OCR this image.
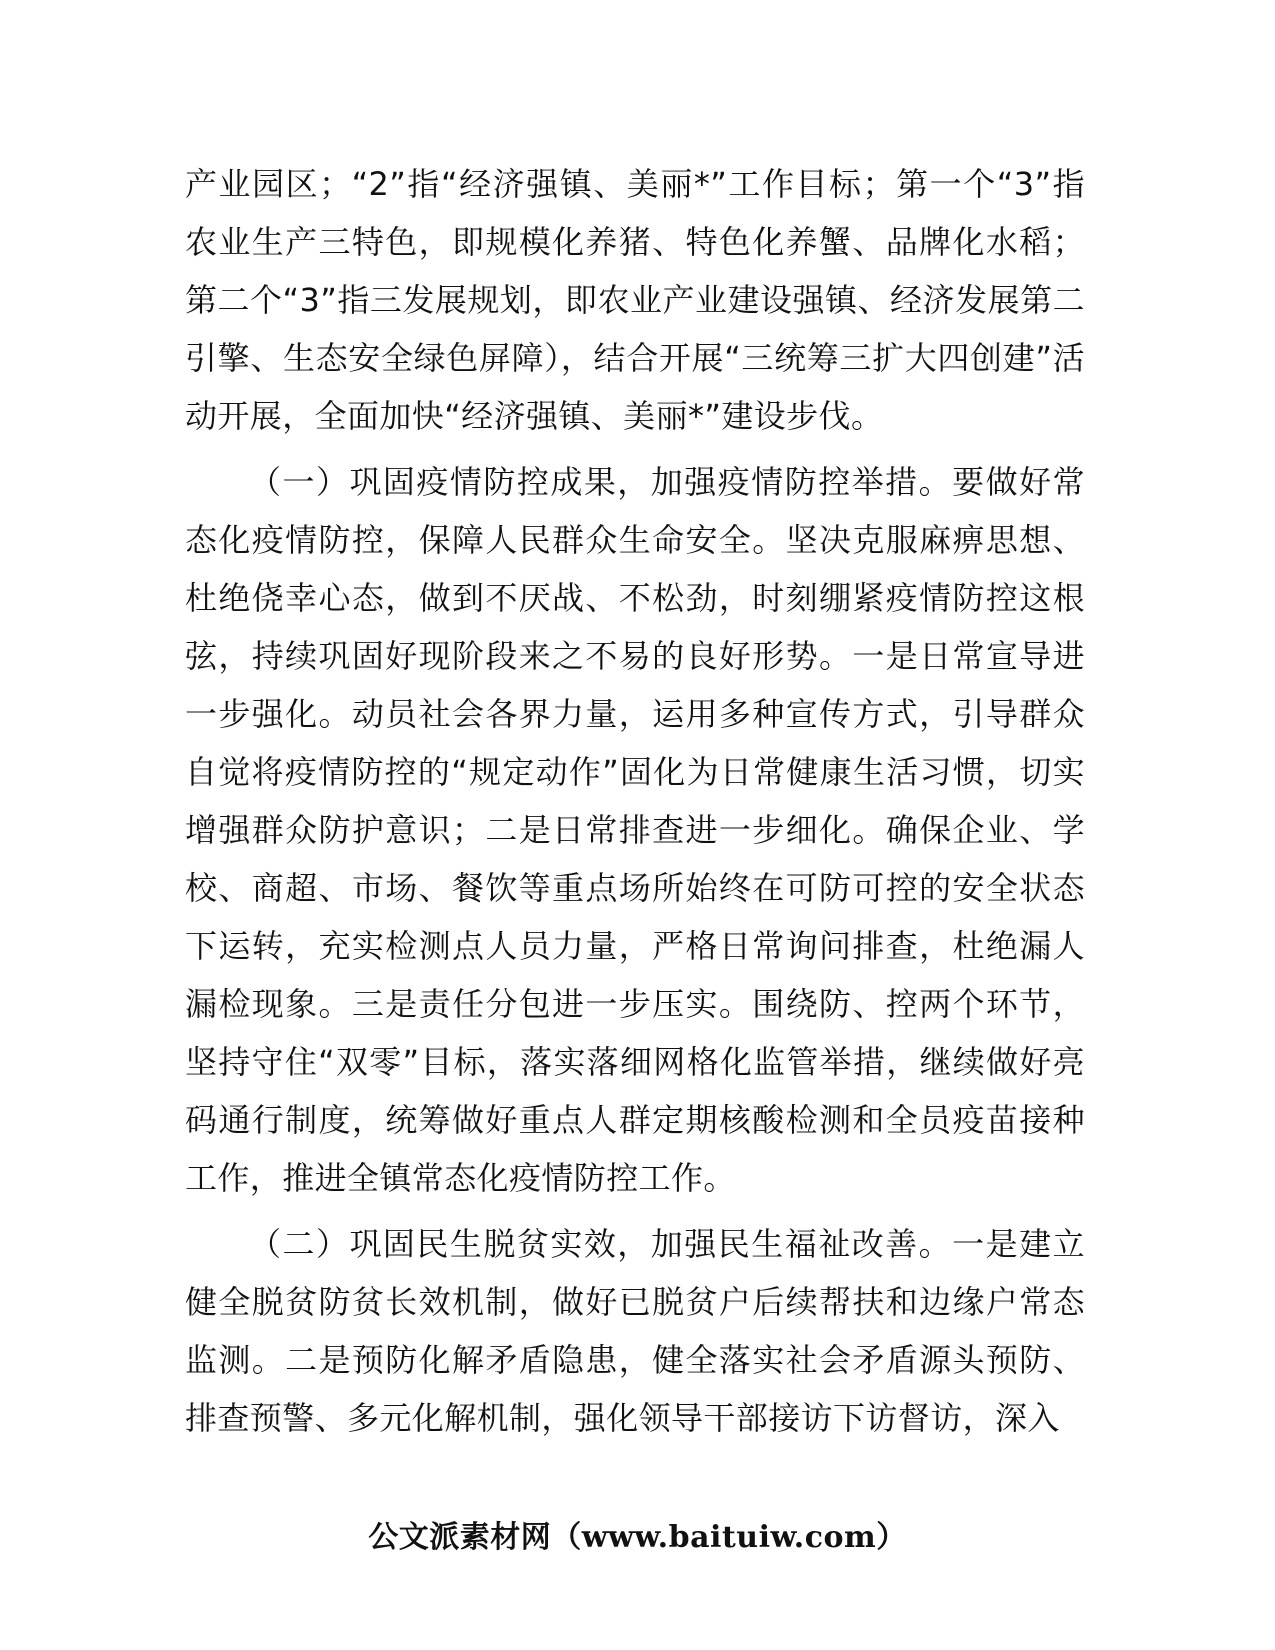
产业园区；“2”指“经济强镇、美丽*”工作目标；第一个“3”指农业生产三特色，即规模化养猪、特色化养蟹、品牌化水稻；第二个“3”指三发展规划，即农业产业建设强镇、经济发展第二引擎、生态安全绿色屏障），结合开展“三统筹三扩大四创建”活动开展，全面加快“经济强镇、美丽*”建设步伐。

（一）巩固疫情防控成果，加强疫情防控举措。要做好常态化疫情防控，保障人民群众生命安全。坚决克服麻痹思想、杜绝侥幸心态，做到不厌战、不松劲，时刻绷紧疫情防控这根弦，持续巩固好现阶段来之不易的良好形势。一是日常宣导进一步强化。动员社会各界力量，运用多种宣传方式，引导群众自觉将疫情防控的“规定动作”固化为日常健康生活习惯，切实增强群众防护意识；二是日常排查进一步细化。确保企业、学校、商超、市场、餐饮等重点场所始终在可防可控的安全状态下运转，充实检测点人员力量，严格日常询问排查，杜绝漏人漏检现象。三是责任分包进一步压实。围绕防、控两个环节，坚持守住“双零”目标，落实落细网格化监管举措，继续做好亮码通行制度，统筹做好重点人群定期核酸检测和全员疫苗接种工作，推进全镇常态化疫情防控工作。

（二）巩固民生脱贫实效，加强民生福祉改善。一是建立健全脱贫防贫长效机制，做好已脱贫户后续帮扶和边缘户常态监测。二是预防化解矛盾隐患，健全落实社会矛盾源头预防、排查预警、多元化解机制，强化领导干部接访下访督访，深入

公文派素材网（www.baituiw.com）
